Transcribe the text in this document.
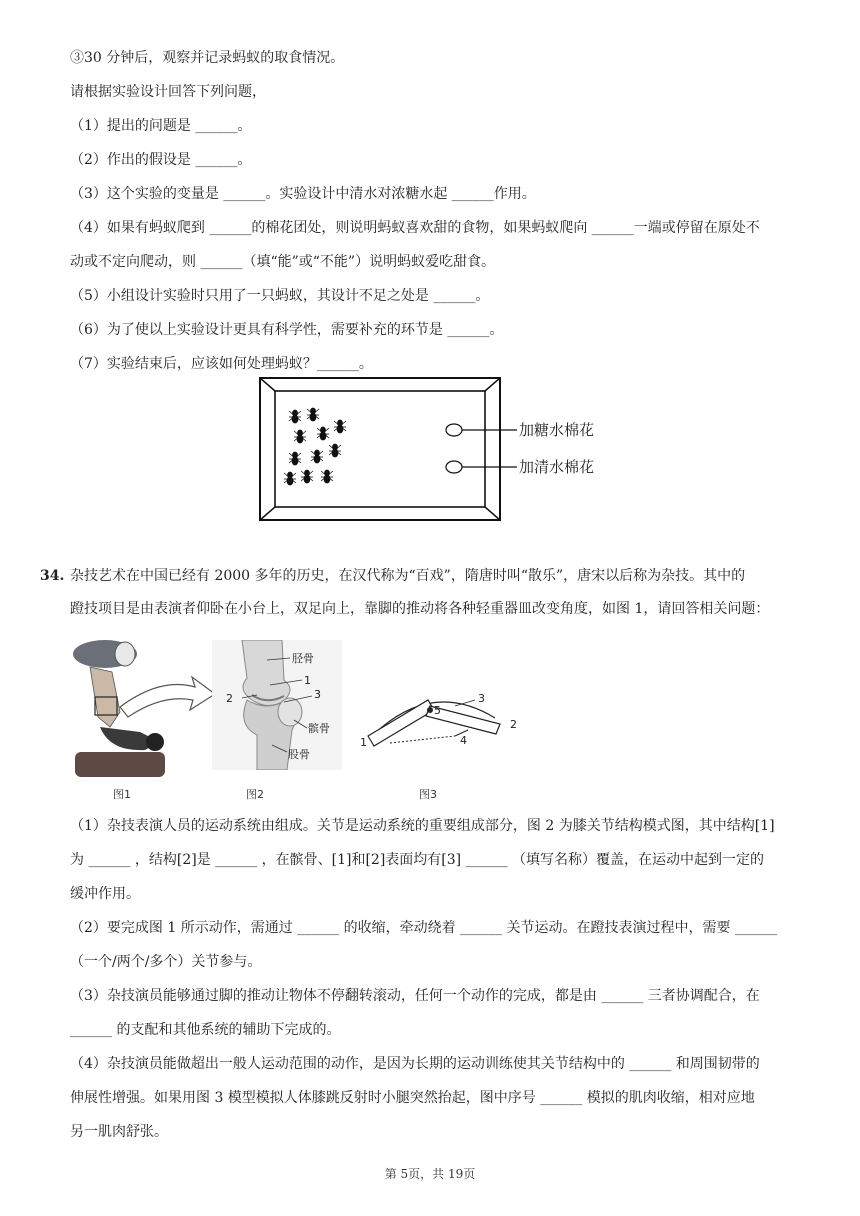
③30 分钟后，观察并记录蚂蚁的取食情况。
请根据实验设计回答下列问题，
（1）提出的问题是 ______。
（2）作出的假设是 ______。
（3）这个实验的变量是 ______。实验设计中清水对浓糖水起 ______作用。
（4）如果有蚂蚁爬到 ______的棉花团处，则说明蚂蚁喜欢甜的食物，如果蚂蚁爬向 ______一端或停留在原处不
动或不定向爬动，则 ______（填“能”或“不能”）说明蚂蚁爱吃甜食。
（5）小组设计实验时只用了一只蚂蚁，其设计不足之处是 ______。
（6）为了使以上实验设计更具有科学性，需要补充的环节是 ______。
（7）实验结束后，应该如何处理蚂蚁？______。
加糖水棉花
加清水棉花
34. 杂技艺术在中国已经有 2000 多年的历史，在汉代称为“百戏”，隋唐时叫“散乐”，唐宋以后称为杂技。其中的
蹬技项目是由表演者仰卧在小台上，双足向上，靠脚的推动将各种轻重器皿改变角度，如图 1，请回答相关问题：
图1
胫骨
1
2	3
髌骨
股骨
图2
1
2
3
4
5
图3
（1）杂技表演人员的运动系统由组成。关节是运动系统的重要组成部分，图 2 为膝关节结构模式图，其中结构[1]
为 ______ ，结构[2]是 ______ ，在髌骨、[1]和[2]表面均有[3] ______ （填写名称）覆盖，在运动中起到一定的
缓冲作用。
（2）要完成图 1 所示动作，需通过 ______ 的收缩，牵动绕着 ______ 关节运动。在蹬技表演过程中，需要 ______
（一个/两个/多个）关节参与。
（3）杂技演员能够通过脚的推动让物体不停翻转滚动，任何一个动作的完成，都是由 ______ 三者协调配合，在
______ 的支配和其他系统的辅助下完成的。
（4）杂技演员能做超出一般人运动范围的动作，是因为长期的运动训练使其关节结构中的 ______ 和周围韧带的
伸展性增强。如果用图 3 模型模拟人体膝跳反射时小腿突然抬起，图中序号 ______ 模拟的肌肉收缩，相对应地
另一肌肉舒张。
第 5页，共 19页
